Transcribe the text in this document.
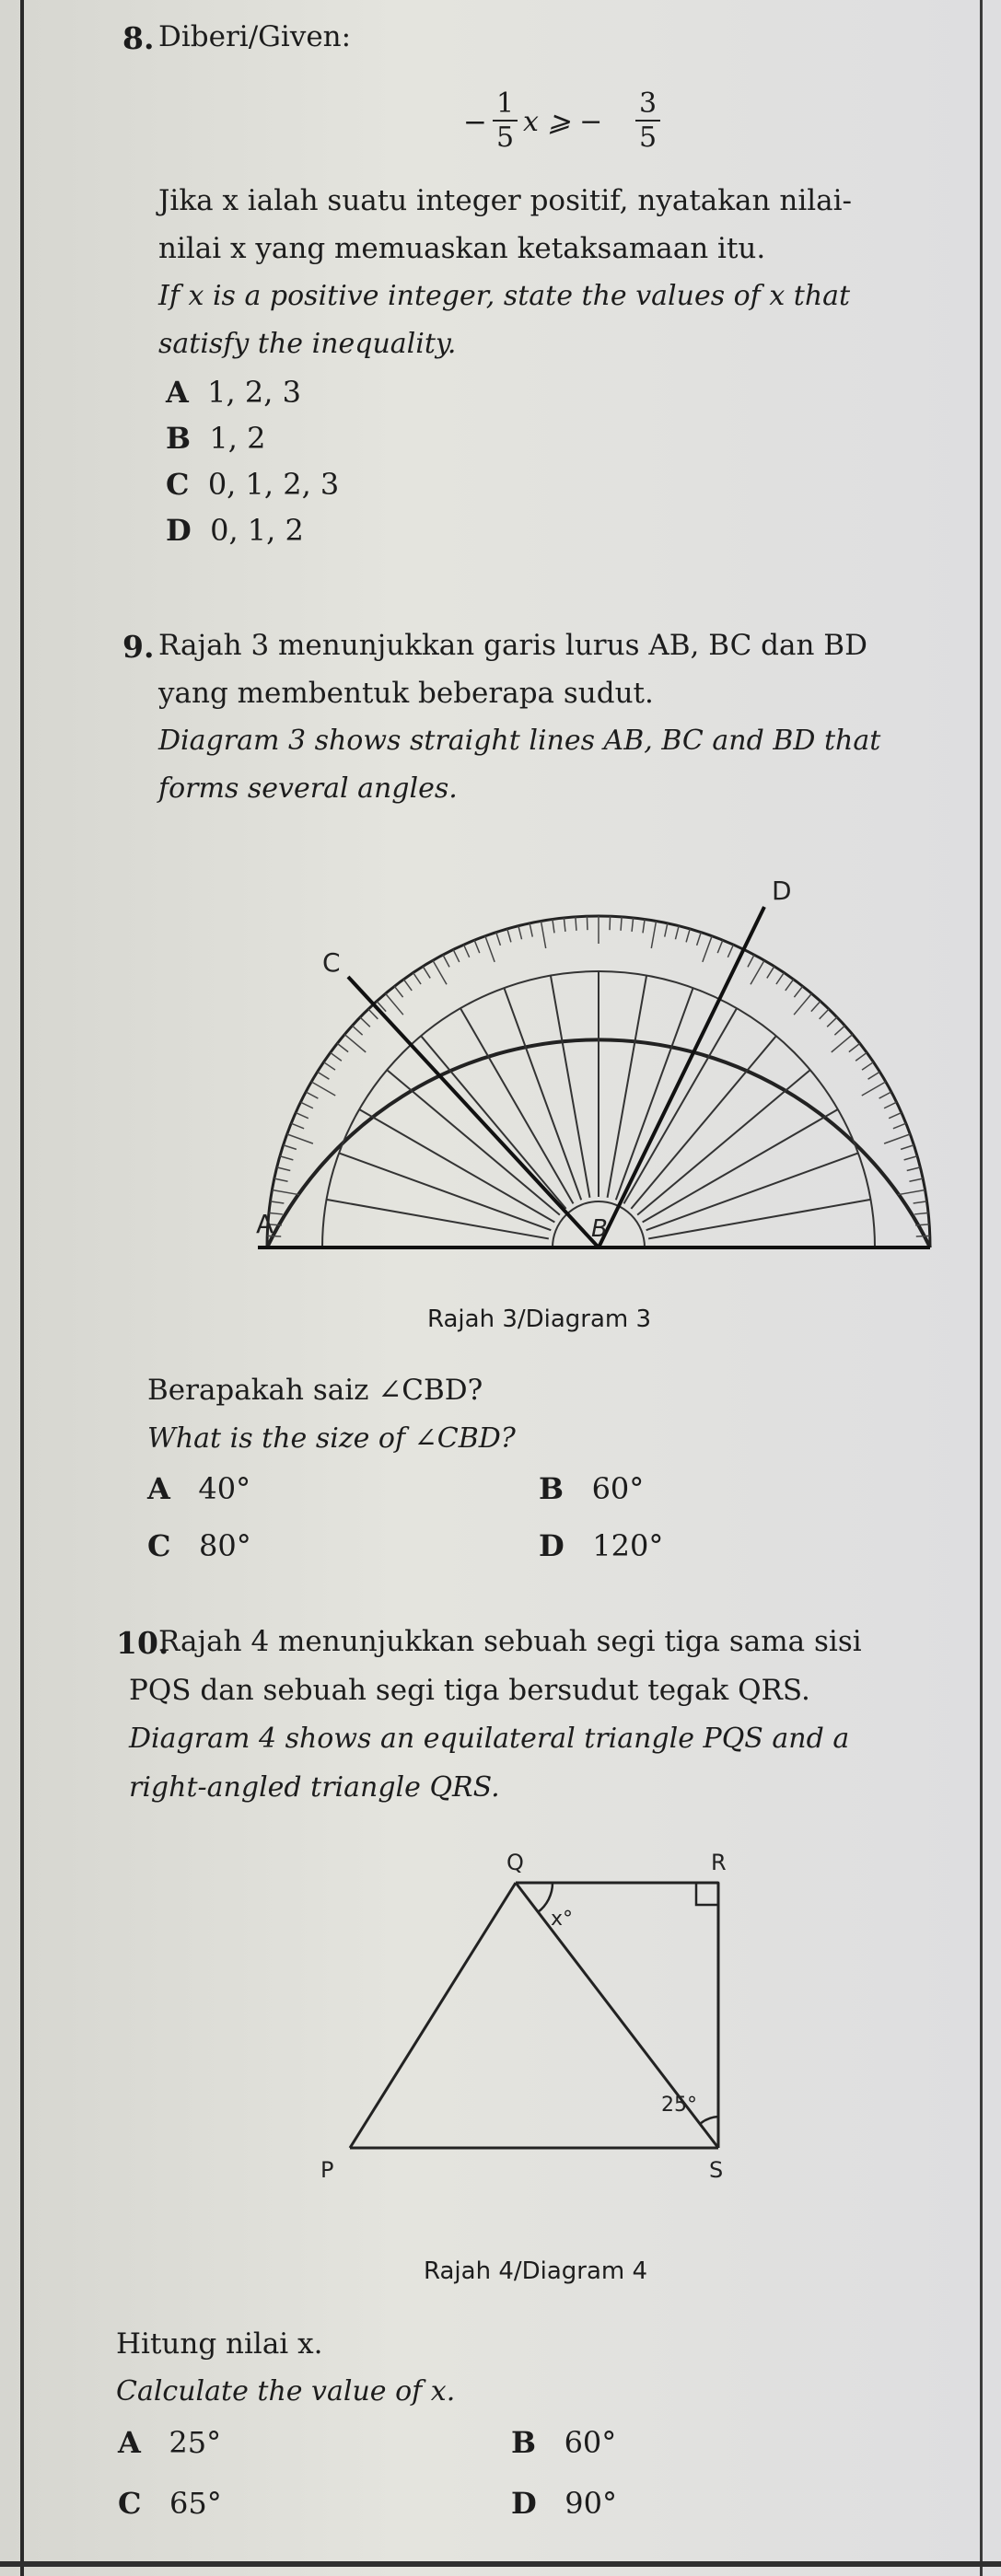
8. Diberi/Given:
− $\frac{1}{5}$ x ⩾ − $\frac{3}{5}$
Jika x ialah suatu integer positif, nyatakan nilai-
nilai x yang memuaskan ketaksamaan itu.
If x is a positive integer, state the values of x that
satisfy the inequality.
A 1, 2, 3
B 1, 2
C 0, 1, 2, 3
D 0, 1, 2
9. Rajah 3 menunjukkan garis lurus AB, BC dan BD
yang membentuk beberapa sudut.
Diagram 3 shows straight lines AB, BC and BD that
forms several angles.
A	B
C
D
Rajah 3/Diagram 3
Berapakah saiz ∠CBD?
What is the size of ∠CBD?
A 40°	B 60°
C 80°	D 120°
10.
Rajah 4 menunjukkan sebuah segi tiga sama sisi
PQS dan sebuah segi tiga bersudut tegak QRS.
Diagram 4 shows an equilateral triangle PQS and a
right-angled triangle QRS.
Q	R
P	S
x°
25°
Rajah 4/Diagram 4
Hitung nilai x.
Calculate the value of x.
A 25°	B 60°
C 65°	D 90°
